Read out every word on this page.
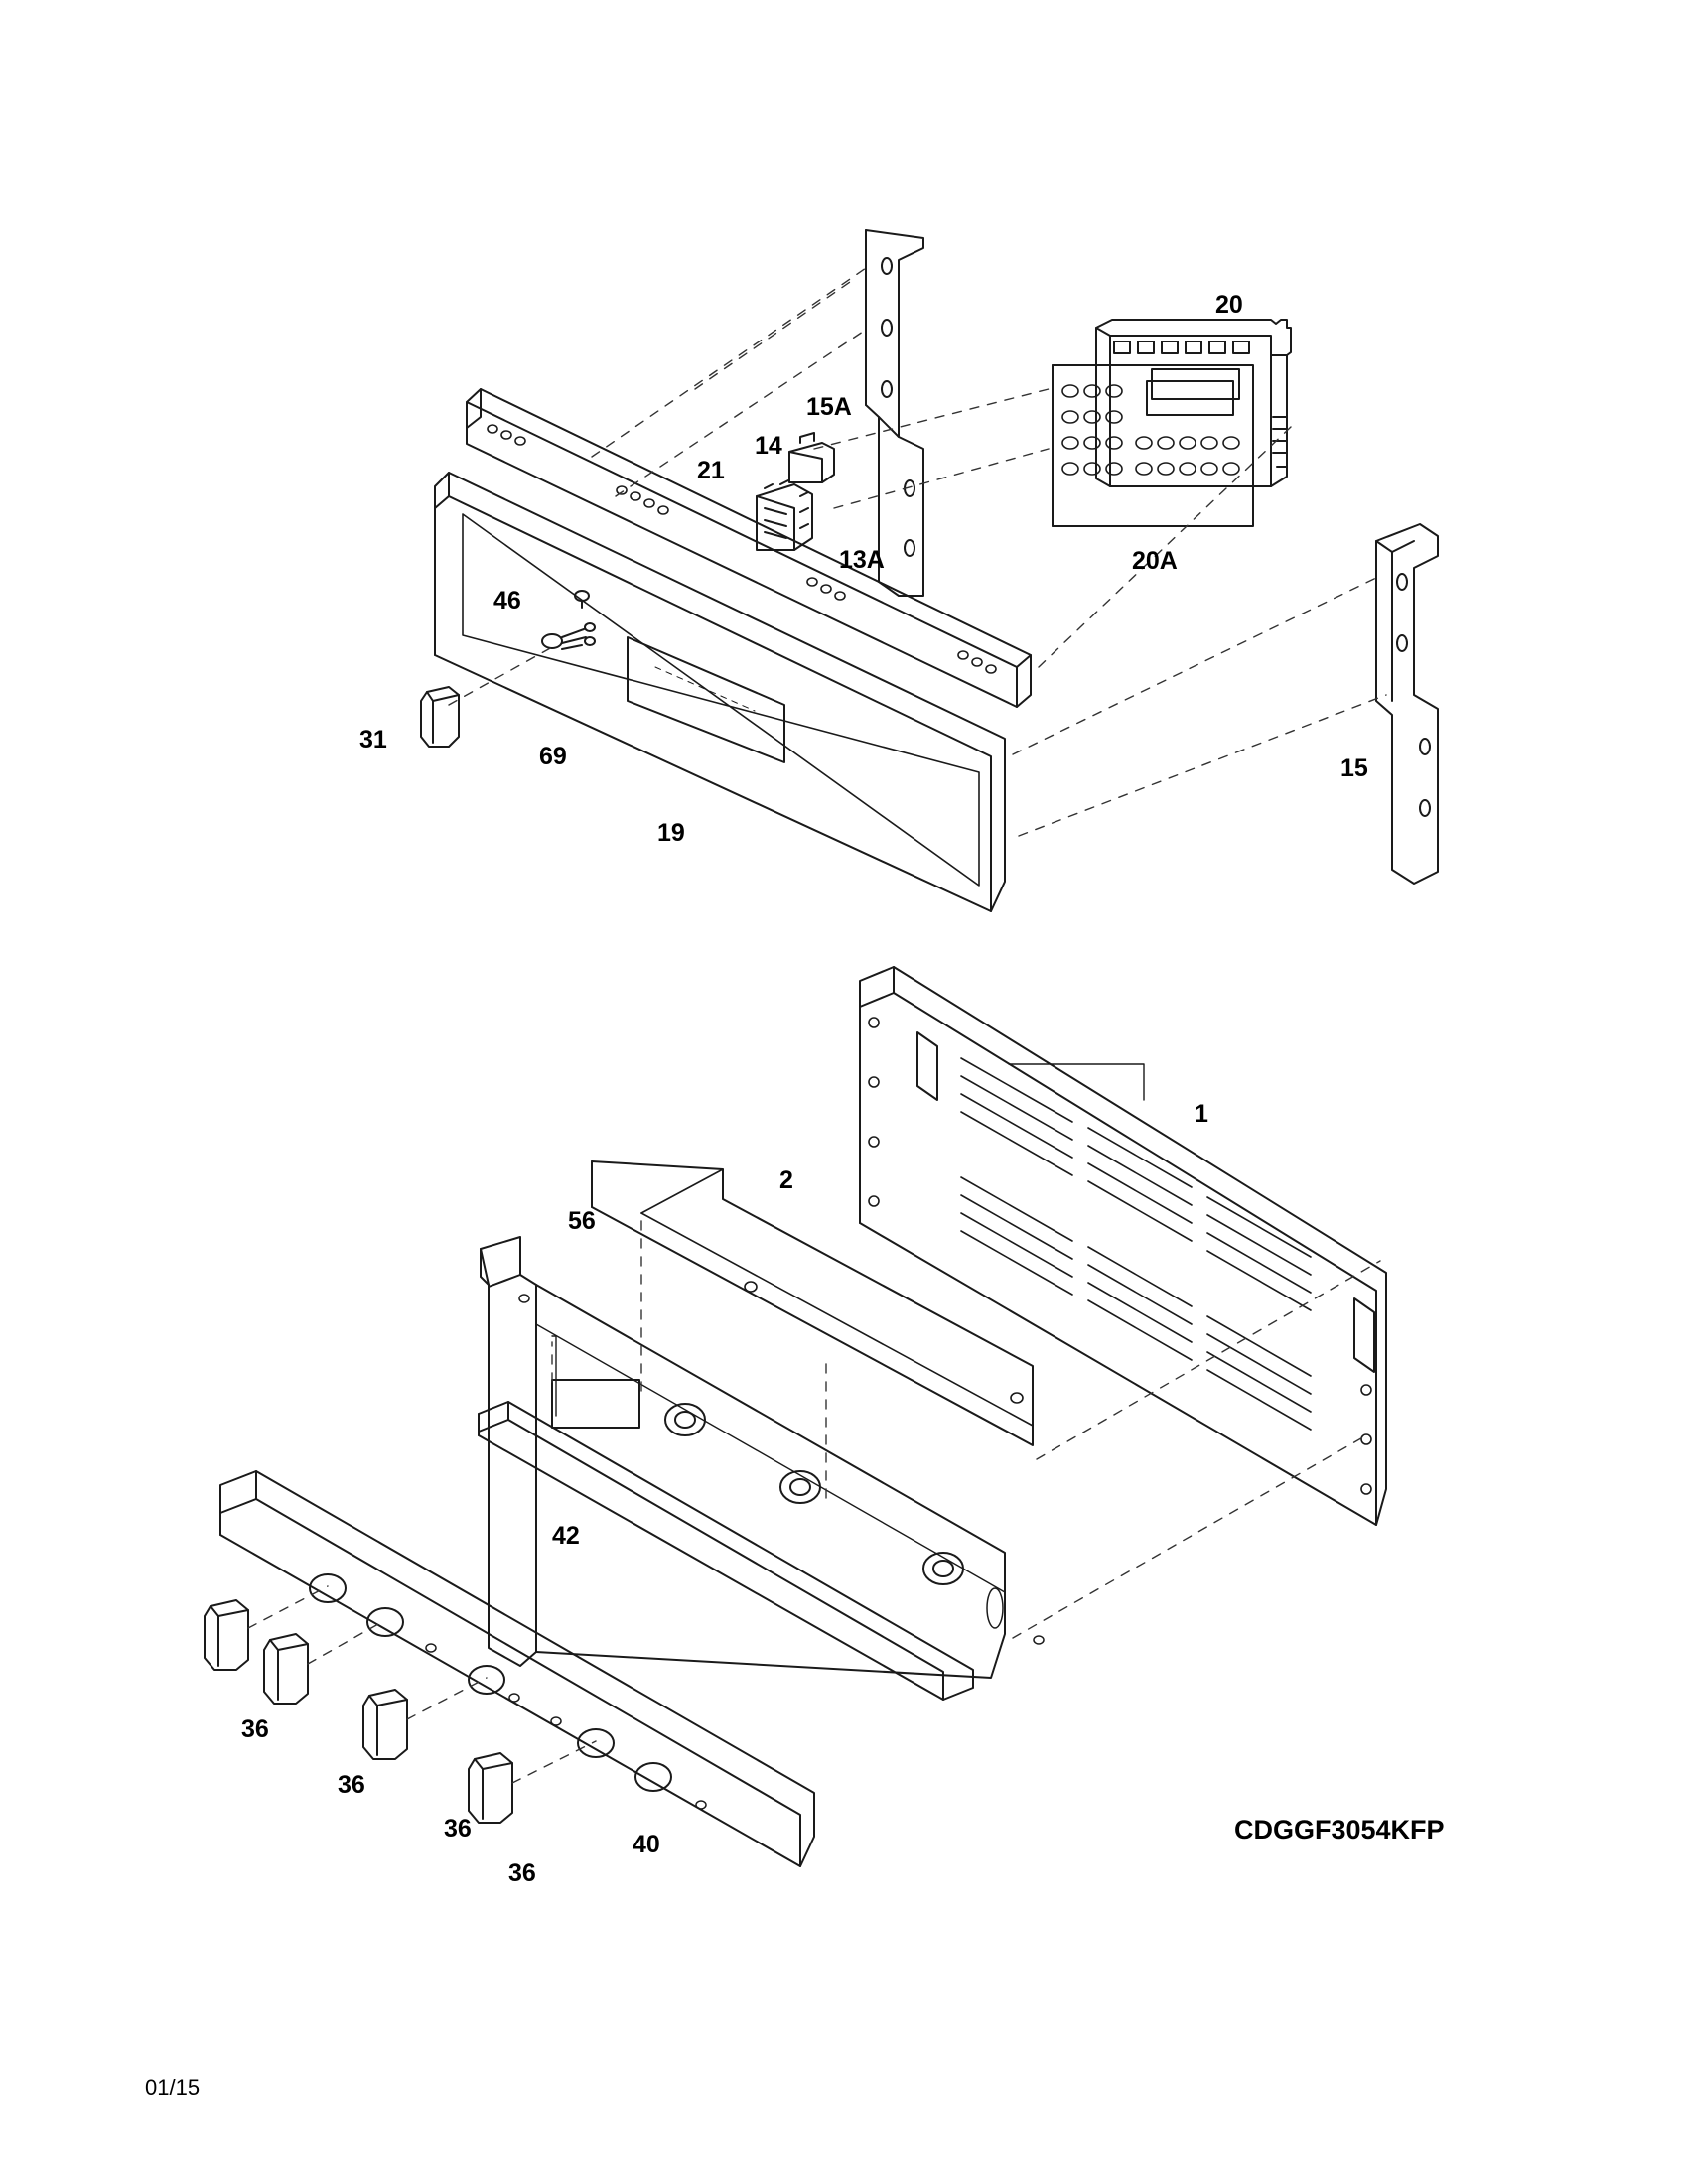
20
15A
14
21
13A	20A
46
31
69	15
19
1
2
56
42
36
36
36
36
40	CDGGF3054KFP
01/15
